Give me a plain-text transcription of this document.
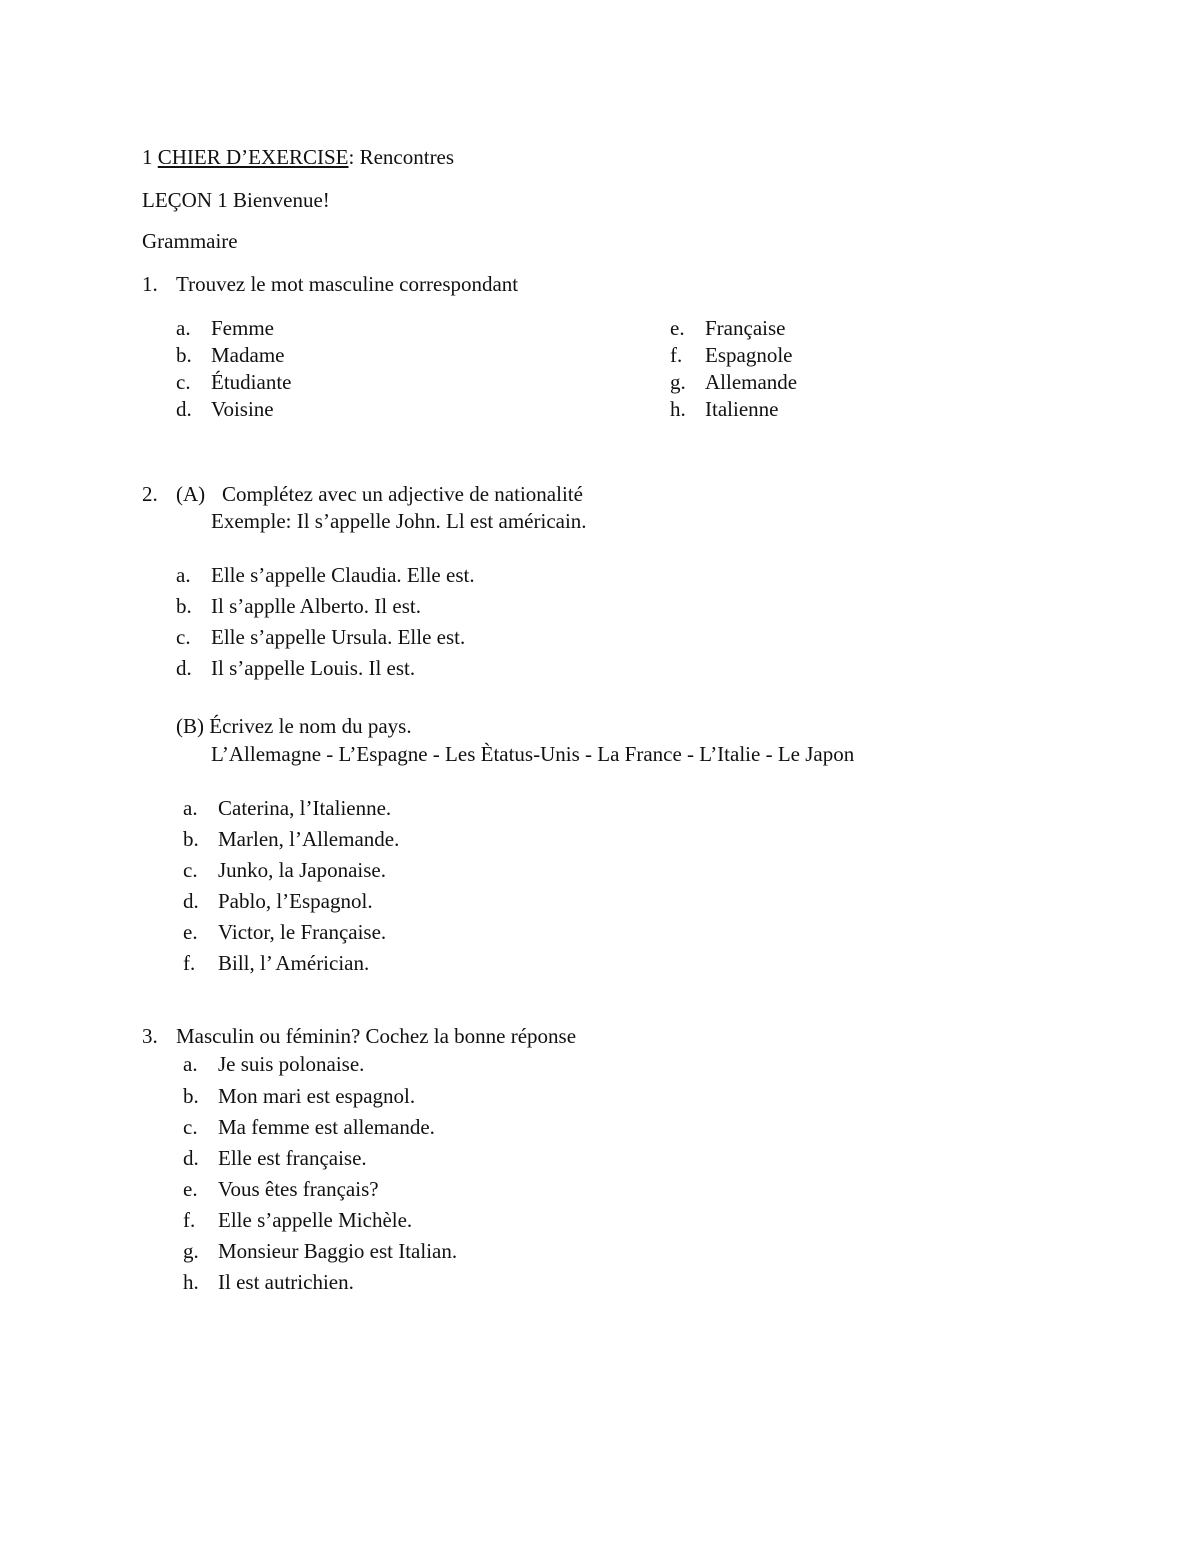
1 CHIER D’EXERCISE: Rencontres
LEÇON 1 Bienvenue!
Grammaire
1. Trouvez le mot masculine correspondant
a. Femme
b. Madame
c. Étudiante
d. Voisine
e. Française
f. Espagnole
g. Allemande
h. Italienne
2. (A) Complétez avec un adjective de nationalité
Exemple: Il s’appelle John. Ll est américain.
a. Elle s’appelle Claudia. Elle est.
b. Il s’applle Alberto. Il est.
c. Elle s’appelle Ursula. Elle est.
d. Il s’appelle Louis. Il est.
(B) Écrivez le nom du pays.
L’Allemagne - L’Espagne - Les Ètatus-Unis - La France - L’Italie - Le Japon
a. Caterina, l’Italienne.
b. Marlen, l’Allemande.
c. Junko, la Japonaise.
d. Pablo, l’Espagnol.
e. Victor, le Française.
f. Bill, l’ Américian.
3. Masculin ou féminin? Cochez la bonne réponse
a. Je suis polonaise.
b. Mon mari est espagnol.
c. Ma femme est allemande.
d. Elle est française.
e. Vous êtes français?
f. Elle s’appelle Michèle.
g. Monsieur Baggio est Italian.
h. Il est autrichien.
